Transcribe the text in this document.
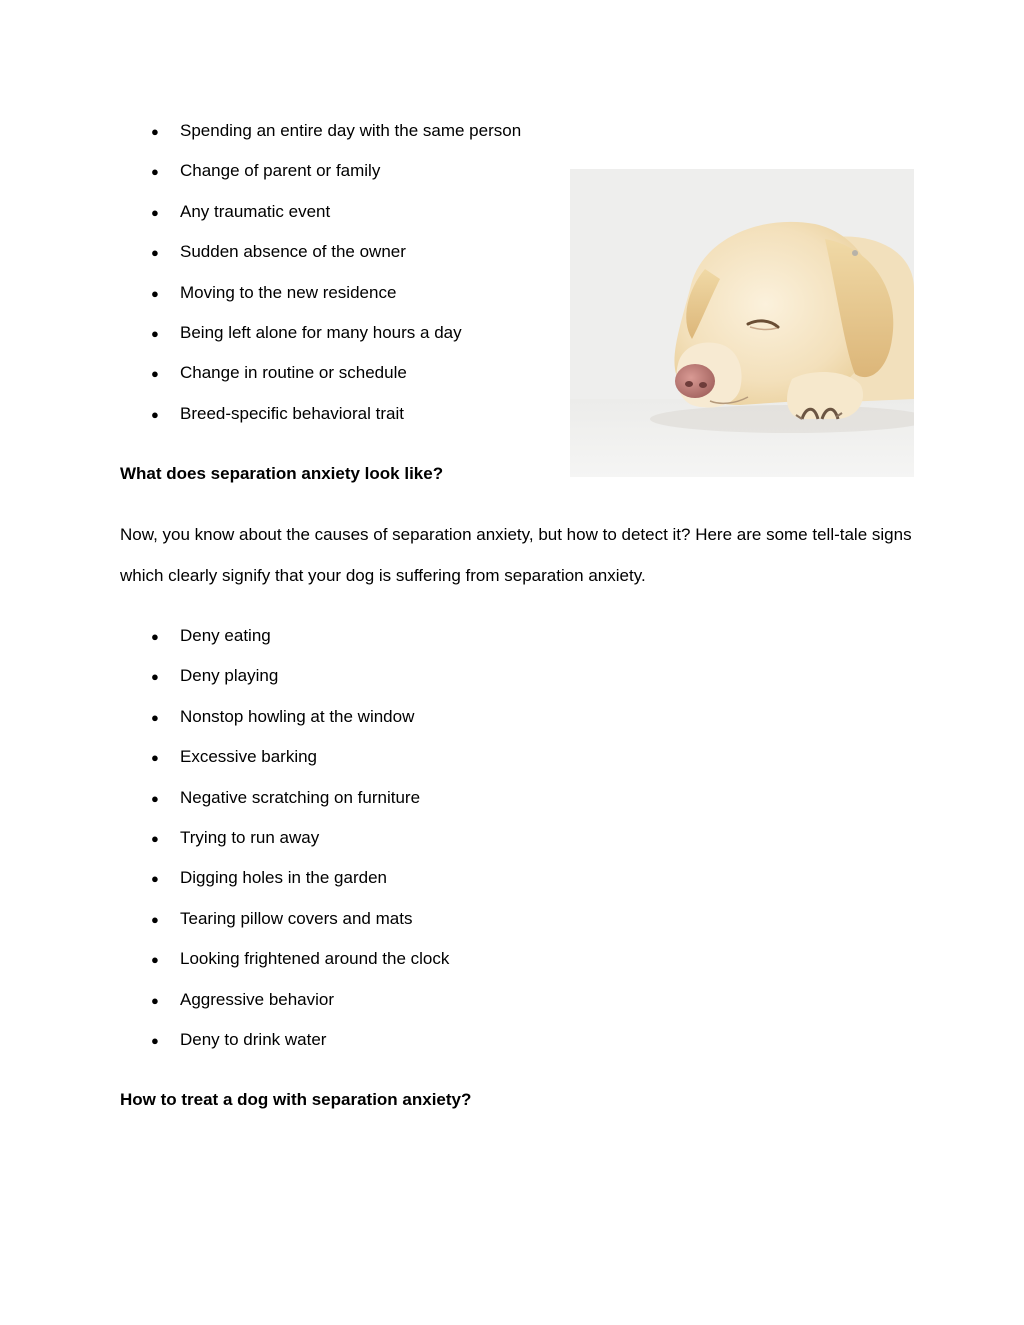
● Spending an entire day with the same person
● Change of parent or family
● Any traumatic event
● Sudden absence of the owner
● Moving to the new residence
● Being left alone for many hours a day
● Change in routine or schedule
● Breed-specific behavioral trait
What does separation anxiety look like?

Now, you know about the causes of separation anxiety, but how to detect it? Here are some tell-tale signs which clearly signify that your dog is suffering from separation anxiety.

● Deny eating
● Deny playing
● Nonstop howling at the window
● Excessive barking
● Negative scratching on furniture
● Trying to run away
● Digging holes in the garden
● Tearing pillow covers and mats
● Looking frightened around the clock
● Aggressive behavior
● Deny to drink water
How to treat a dog with separation anxiety?
